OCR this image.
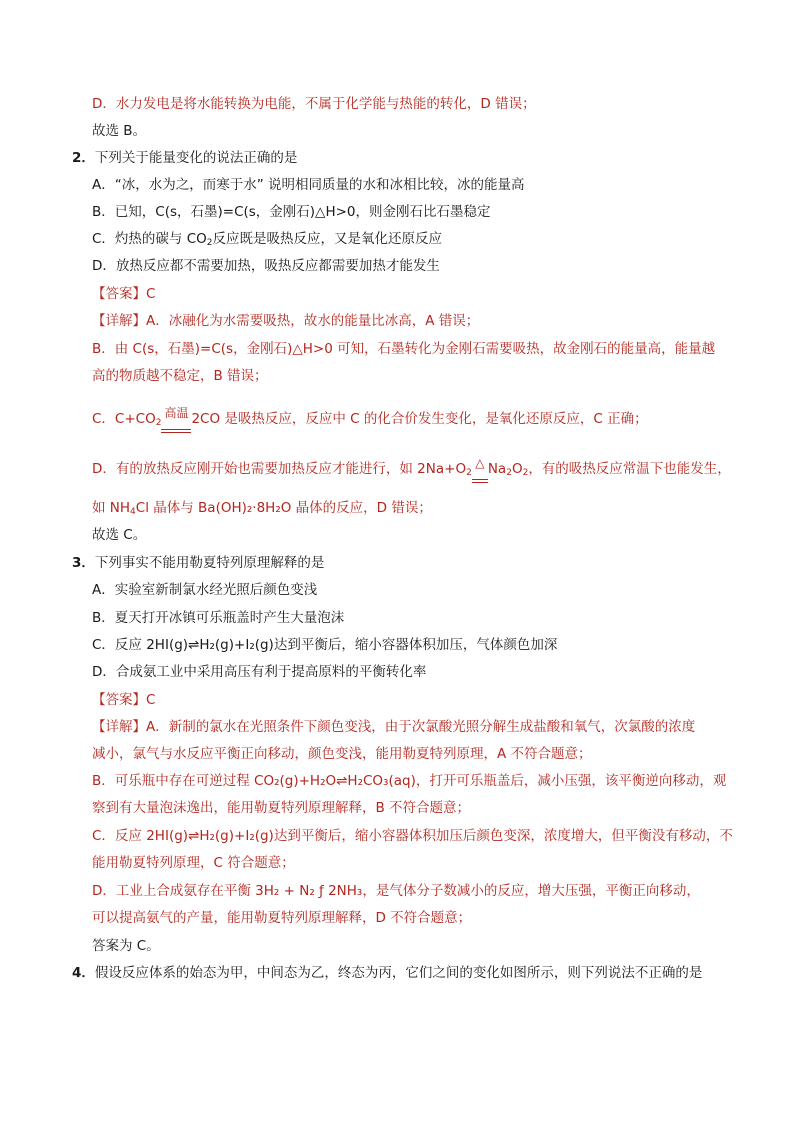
D．水力发电是将水能转换为电能，不属于化学能与热能的转化，D 错误；
故选 B。
2．下列关于能量变化的说法正确的是
A．“冰，水为之，而寒于水” 说明相同质量的水和冰相比较，冰的能量高
B．已知，C(s，石墨)=C(s，金刚石)△H>0，则金刚石比石墨稳定
C．灼热的碳与 $CO_2$反应既是吸热反应，又是氧化还原反应
D．放热反应都不需要加热，吸热反应都需要加热才能发生
【答案】C
【详解】A．冰融化为水需要吸热，故水的能量比冰高，A 错误；
B．由 C(s，石墨)=C(s，金刚石)△H>0 可知，石墨转化为金刚石需要吸热，故金刚石的能量高，能量越
高的物质越不稳定，B 错误；
C．$C+CO_2$
高温 2CO 是吸热反应，反应中 C 的化合价发生变化，是氧化还原反应，C 正确；
D．有的放热反应刚开始也需要加热反应才能进行，如 $2Na+O_2$
△ $Na_2O_2$，有的吸热反应常温下也能发生，
如 $NH_4Cl$ 晶体与 Ba(OH)₂·8H₂O 晶体的反应，D 错误；
故选 C。
3．下列事实不能用勒夏特列原理解释的是
A．实验室新制氯水经光照后颜色变浅
B．夏天打开冰镇可乐瓶盖时产生大量泡沫
C．反应 2HI(g)⇌H₂(g)+I₂(g)达到平衡后，缩小容器体积加压，气体颜色加深
D．合成氨工业中采用高压有利于提高原料的平衡转化率
【答案】C
【详解】A．新制的氯水在光照条件下颜色变浅，由于次氯酸光照分解生成盐酸和氧气，次氯酸的浓度
减小，氯气与水反应平衡正向移动，颜色变浅，能用勒夏特列原理，A 不符合题意；
B．可乐瓶中存在可逆过程 CO₂(g)+H₂O⇌H₂CO₃(aq)，打开可乐瓶盖后，减小压强，该平衡逆向移动，观
察到有大量泡沫逸出，能用勒夏特列原理解释，B 不符合题意；
C．反应 2HI(g)⇌H₂(g)+I₂(g)达到平衡后，缩小容器体积加压后颜色变深，浓度增大，但平衡没有移动，不
能用勒夏特列原理，C 符合题意；
D．工业上合成氨存在平衡 3H₂ + N₂ ƒ 2NH₃，是气体分子数减小的反应，增大压强，平衡正向移动，
可以提高氨气的产量，能用勒夏特列原理解释，D 不符合题意；
答案为 C。
4．假设反应体系的始态为甲，中间态为乙，终态为丙，它们之间的变化如图所示，则下列说法不正确的是
